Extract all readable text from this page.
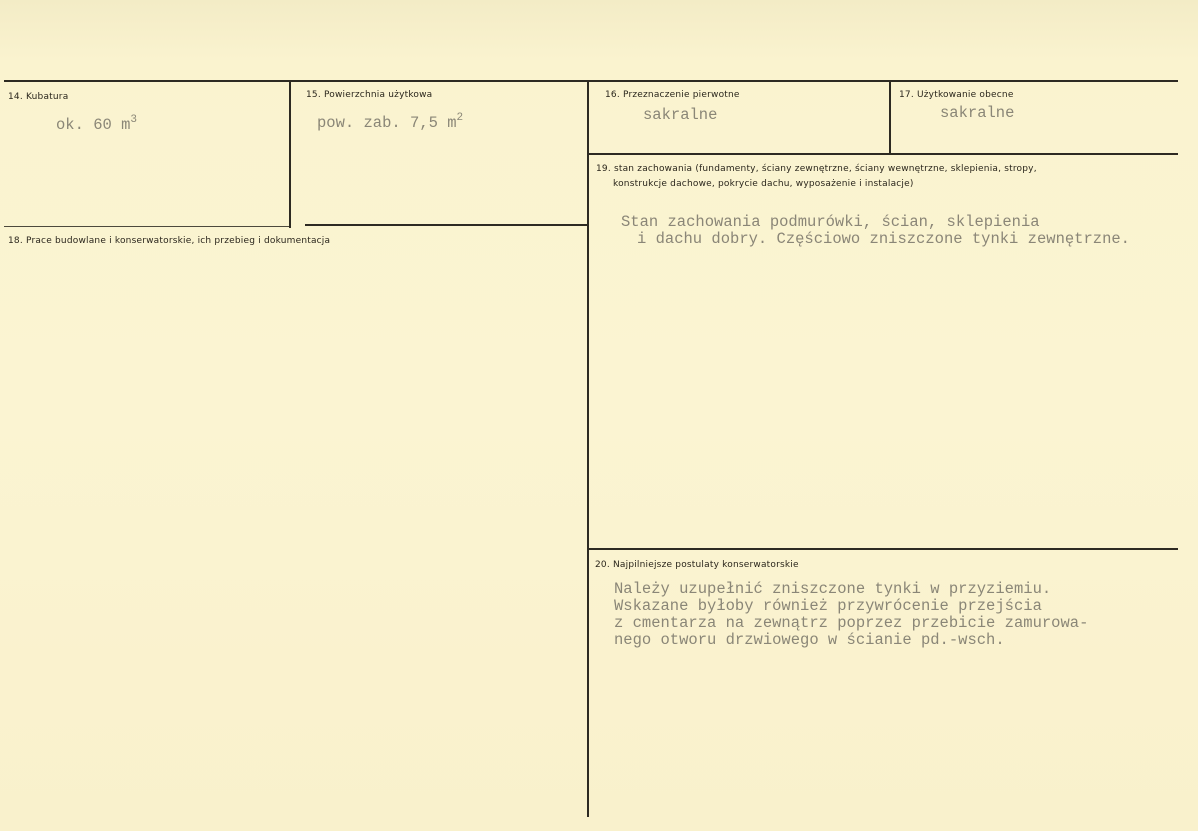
14. Kubatura
ok. 60 $m^3$
15. Powierzchnia użytkowa
pow. zab. 7,5 $m^2$
16. Przeznaczenie pierwotne
sakralne
17. Użytkowanie obecne
sakralne
18. Prace budowlane i konserwatorskie, ich przebieg i dokumentacja
19. stan zachowania (fundamenty, ściany zewnętrzne, ściany wewnętrzne, sklepienia, stropy,
konstrukcje dachowe, pokrycie dachu, wyposażenie i instalacje)
Stan zachowania podmurówki, ścian, sklepienia
i dachu dobry. Częściowo zniszczone tynki zewnętrzne.
20. Najpilniejsze postulaty konserwatorskie
Należy uzupełnić zniszczone tynki w przyziemiu.
Wskazane byłoby również przywrócenie przejścia
z cmentarza na zewnątrz poprzez przebicie zamurowa-
nego otworu drzwiowego w ścianie pd.-wsch.
